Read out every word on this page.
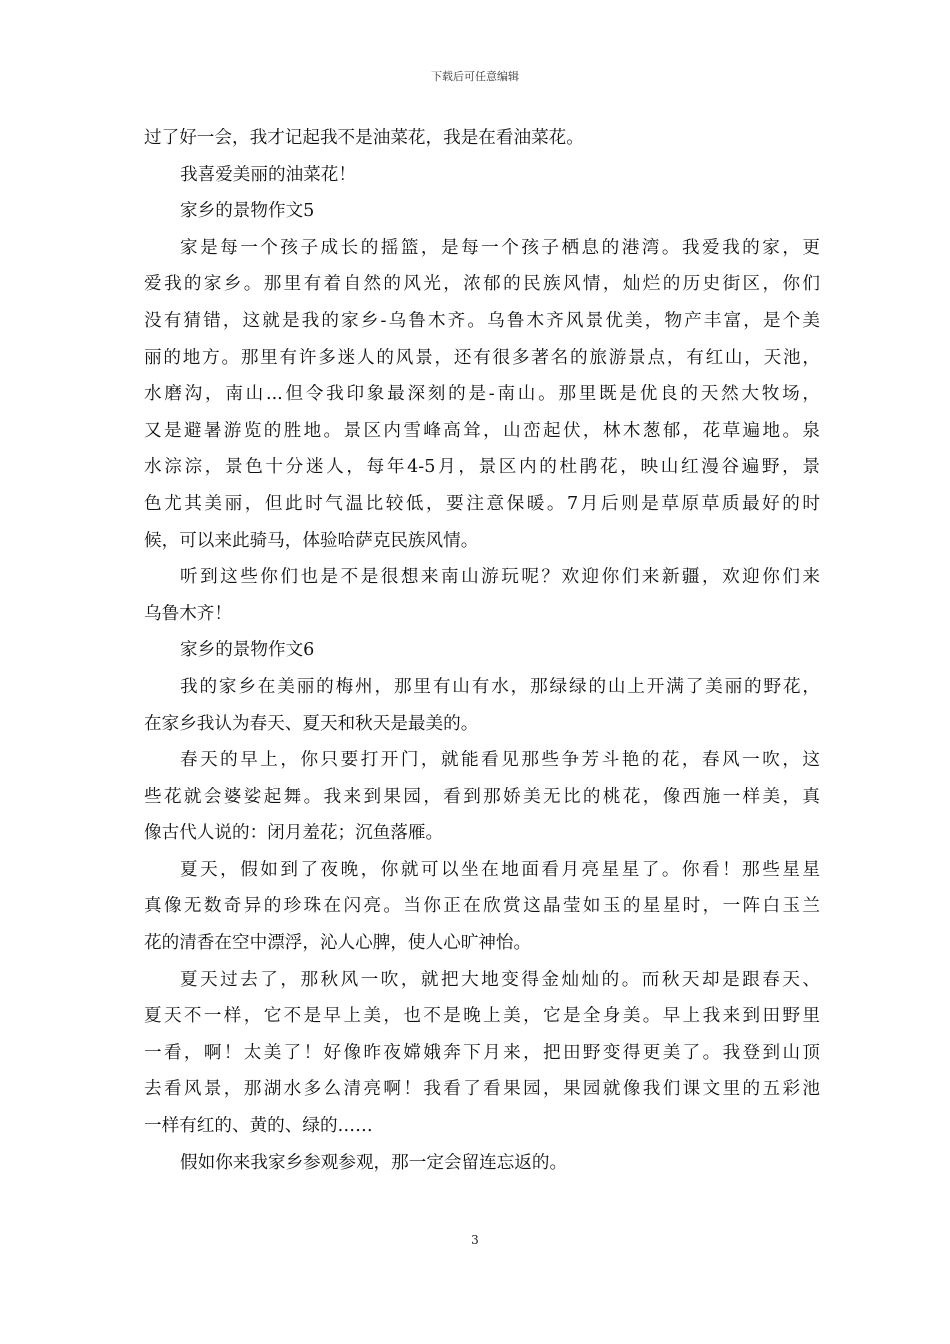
下载后可任意编辑
过了好一会，我才记起我不是油菜花，我是在看油菜花。
我喜爱美丽的油菜花！
家乡的景物作文5
家是每一个孩子成长的摇篮，是每一个孩子栖息的港湾。我爱我的家，更
爱我的家乡。那里有着自然的风光，浓郁的民族风情，灿烂的历史街区，你们
没有猜错，这就是我的家乡-乌鲁木齐。乌鲁木齐风景优美，物产丰富，是个美
丽的地方。那里有许多迷人的风景，还有很多著名的旅游景点，有红山，天池，
水磨沟，南山...但令我印象最深刻的是-南山。那里既是优良的天然大牧场，
又是避暑游览的胜地。景区内雪峰高耸，山峦起伏，林木葱郁，花草遍地。泉
水淙淙，景色十分迷人，每年4-5月，景区内的杜鹃花，映山红漫谷遍野，景
色尤其美丽，但此时气温比较低，要注意保暖。7月后则是草原草质最好的时
候，可以来此骑马，体验哈萨克民族风情。
听到这些你们也是不是很想来南山游玩呢？欢迎你们来新疆，欢迎你们来
乌鲁木齐！
家乡的景物作文6
我的家乡在美丽的梅州，那里有山有水，那绿绿的山上开满了美丽的野花，
在家乡我认为春天、夏天和秋天是最美的。
春天的早上，你只要打开门，就能看见那些争芳斗艳的花，春风一吹，这
些花就会婆娑起舞。我来到果园，看到那娇美无比的桃花，像西施一样美，真
像古代人说的：闭月羞花；沉鱼落雁。
夏天，假如到了夜晚，你就可以坐在地面看月亮星星了。你看！那些星星
真像无数奇异的珍珠在闪亮。当你正在欣赏这晶莹如玉的星星时，一阵白玉兰
花的清香在空中漂浮，沁人心脾，使人心旷神怡。
夏天过去了，那秋风一吹，就把大地变得金灿灿的。而秋天却是跟春天、
夏天不一样，它不是早上美，也不是晚上美，它是全身美。早上我来到田野里
一看，啊！太美了！好像昨夜嫦娥奔下月来，把田野变得更美了。我登到山顶
去看风景，那湖水多么清亮啊！我看了看果园，果园就像我们课文里的五彩池
一样有红的、黄的、绿的……
假如你来我家乡参观参观，那一定会留连忘返的。
3
